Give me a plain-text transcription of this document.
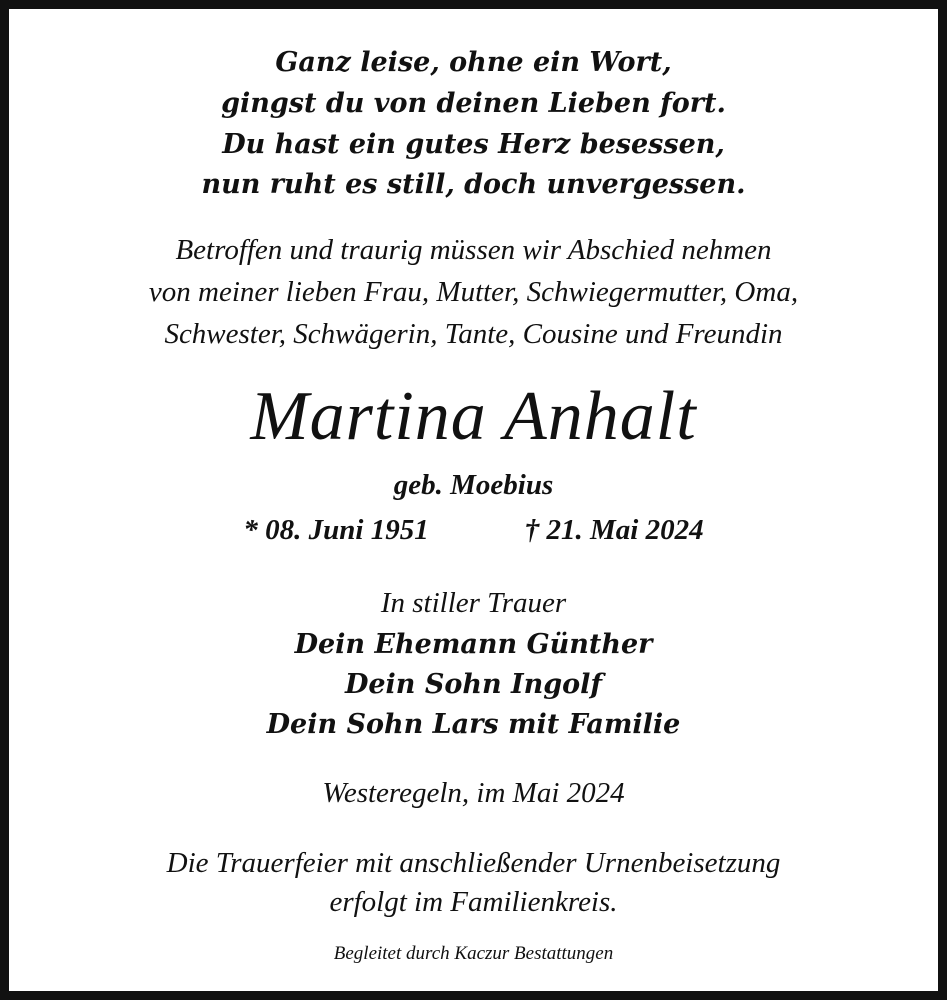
Ganz leise, ohne ein Wort,
gingst du von deinen Lieben fort.
Du hast ein gutes Herz besessen,
nun ruht es still, doch unvergessen.
Betroffen und traurig müssen wir Abschied nehmen
von meiner lieben Frau, Mutter, Schwiegermutter, Oma,
Schwester, Schwägerin, Tante, Cousine und Freundin
Martina Anhalt
geb. Moebius
* 08. Juni 1951	† 21. Mai 2024
In stiller Trauer
Dein Ehemann Günther
Dein Sohn Ingolf
Dein Sohn Lars mit Familie
Westeregeln, im Mai 2024
Die Trauerfeier mit anschließender Urnenbeisetzung
erfolgt im Familienkreis.
Begleitet durch Kaczur Bestattungen
